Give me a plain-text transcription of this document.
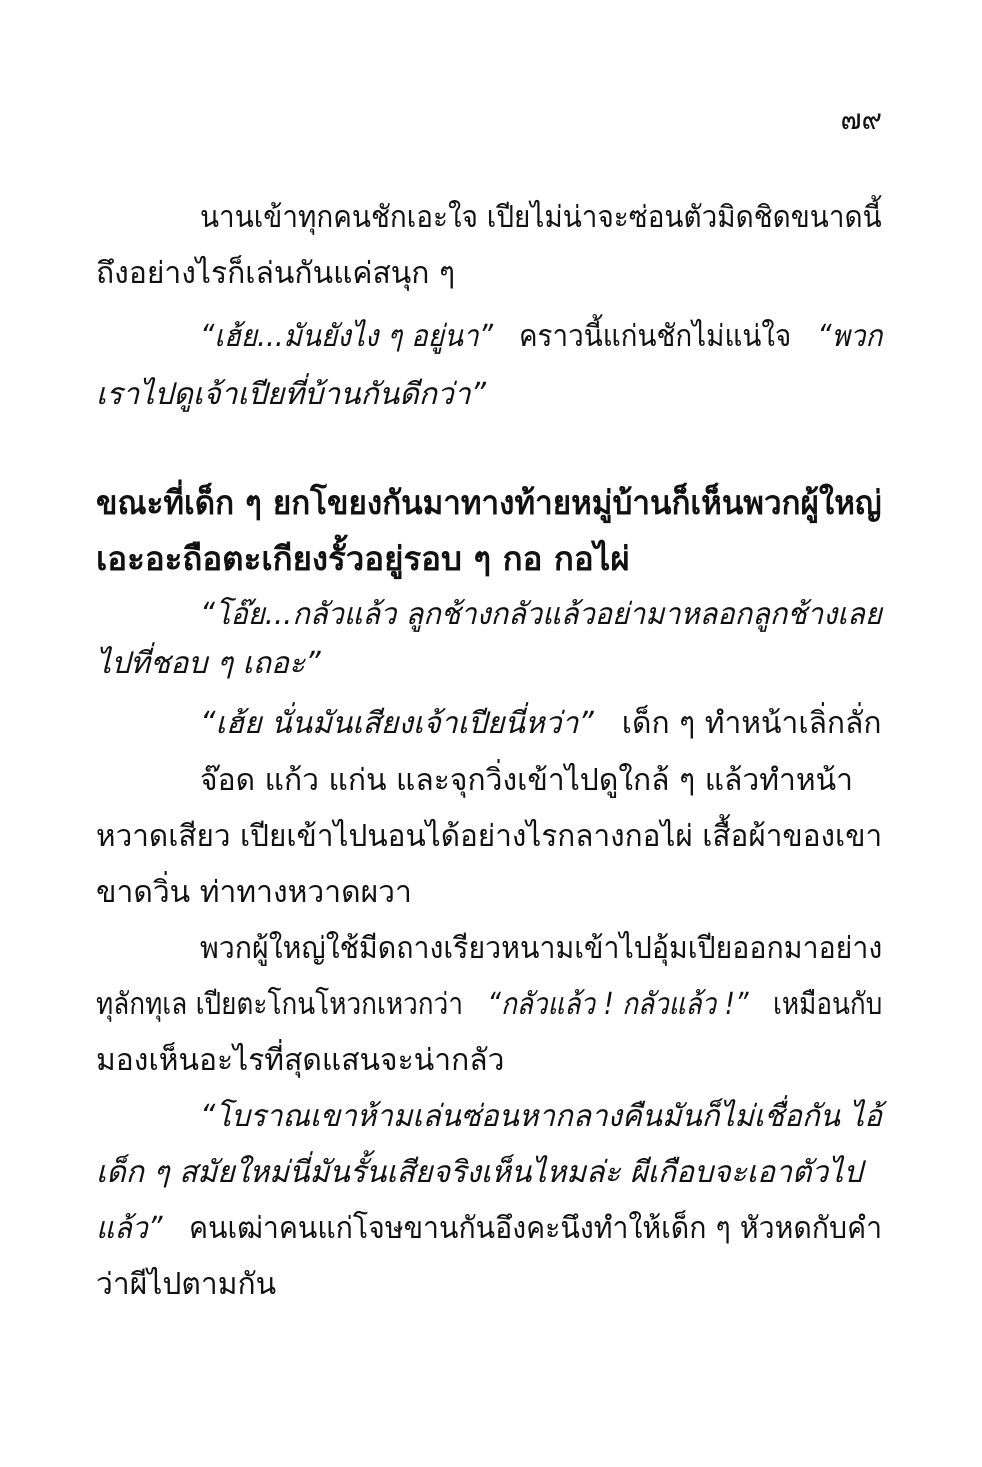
๗๙
นานเข้าทุกคนชักเอะใจ เปียไม่น่าจะซ่อนตัวมิดชิดขนาดนี้
ถึงอย่างไรก็เล่นกันแค่สนุก ๆ
“เฮ้ย...มันยังไง ๆ อยู่นา” คราวนี้แก่นชักไม่แน่ใจ “พวก
เราไปดูเจ้าเปียที่บ้านกันดีกว่า”
ขณะที่เด็ก ๆ ยกโขยงกันมาทางท้ายหมู่บ้านก็เห็นพวกผู้ใหญ่
เอะอะถือตะเกียงรั้วอยู่รอบ ๆ กอ กอไผ่
“โอ๊ย...กลัวแล้ว ลูกช้างกลัวแล้วอย่ามาหลอกลูกช้างเลย
ไปที่ชอบ ๆ เถอะ”
“เฮ้ย นั่นมันเสียงเจ้าเปียนี่หว่า” เด็ก ๆ ทำหน้าเลิ่กลั่ก
จ๊อด แก้ว แก่น และจุกวิ่งเข้าไปดูใกล้ ๆ แล้วทำหน้า
หวาดเสียว เปียเข้าไปนอนได้อย่างไรกลางกอไผ่ เสื้อผ้าของเขา
ขาดวิ่น ท่าทางหวาดผวา
พวกผู้ใหญ่ใช้มีดถางเรียวหนามเข้าไปอุ้มเปียออกมาอย่าง
ทุลักทุเล เปียตะโกนโหวกเหวกว่า “กลัวแล้ว ! กลัวแล้ว !” เหมือนกับ
มองเห็นอะไรที่สุดแสนจะน่ากลัว
“โบราณเขาห้ามเล่นซ่อนหากลางคืนมันก็ไม่เชื่อกัน ไอ้
เด็ก ๆ สมัยใหม่นี่มันรั้นเสียจริงเห็นไหมล่ะ ผีเกือบจะเอาตัวไป
แล้ว” คนเฒ่าคนแก่โจษขานกันอึงคะนึงทำให้เด็ก ๆ หัวหดกับคำ
ว่าผีไปตามกัน
